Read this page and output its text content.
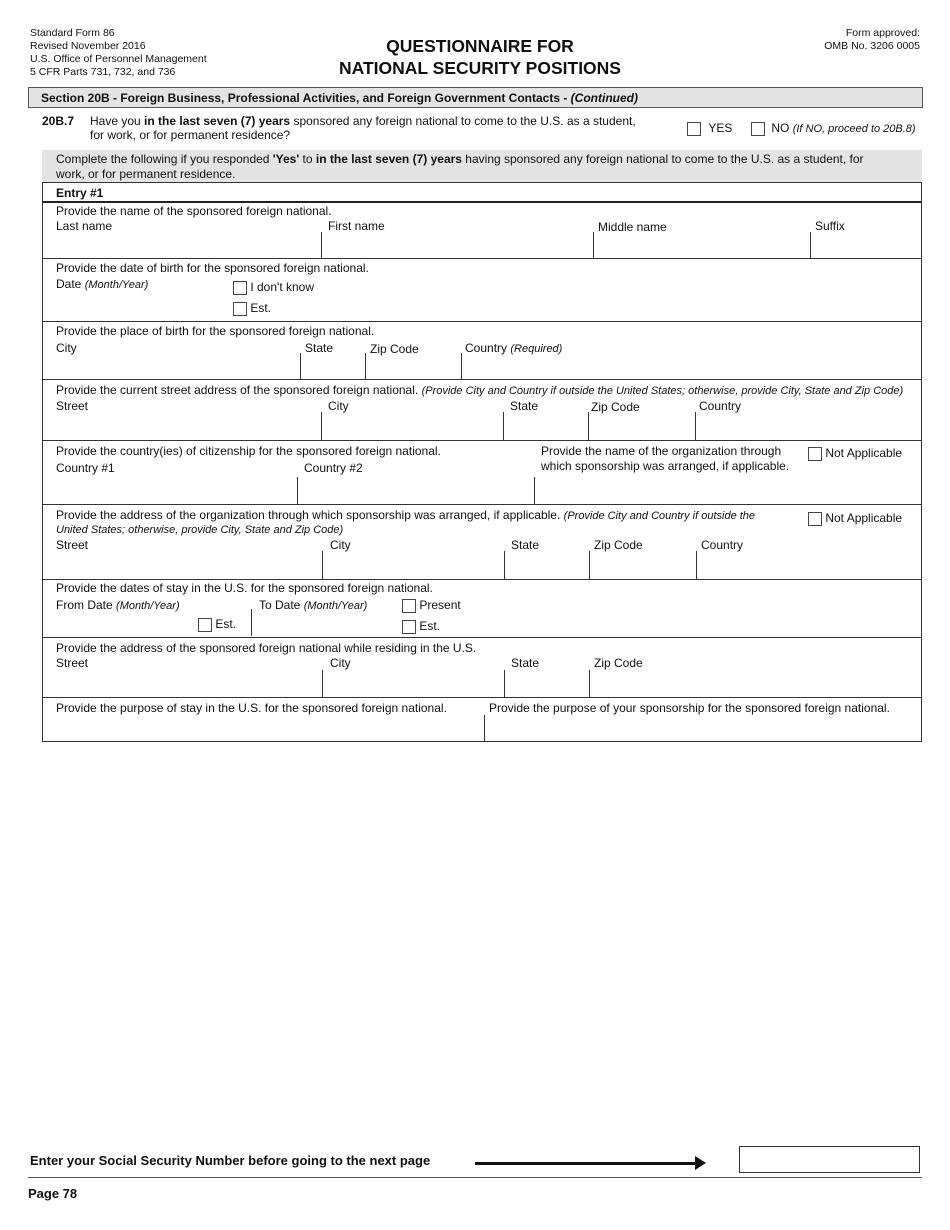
Standard Form 86
Revised November 2016
U.S. Office of Personnel Management
5 CFR Parts 731, 732, and 736
QUESTIONNAIRE FOR
NATIONAL SECURITY POSITIONS
Form approved:
OMB No. 3206 0005
Section 20B - Foreign Business, Professional Activities, and Foreign Government Contacts - (Continued)
20B.7 Have you in the last seven (7) years sponsored any foreign national to come to the U.S. as a student,
for work, or for permanent residence?	YES	NO (If NO, proceed to 20B.8)
Complete the following if you responded 'Yes' to in the last seven (7) years having sponsored any foreign national to come to the U.S. as a student, for
work, or for permanent residence.
Entry #1
Provide the name of the sponsored foreign national.
Last name	First name	Middle name	Suffix
Provide the date of birth for the sponsored foreign national.
Date (Month/Year)	I don't know
Est.
Provide the place of birth for the sponsored foreign national.
City	State	Zip Code	Country (Required)
Provide the current street address of the sponsored foreign national. (Provide City and Country if outside the United States; otherwise, provide City, State and Zip Code)
Street	City	State	Zip Code	Country
Provide the country(ies) of citizenship for the sponsored foreign national.
Country #1	Country #2
Provide the name of the organization through
which sponsorship was arranged, if applicable.
Not Applicable
Provide the address of the organization through which sponsorship was arranged, if applicable. (Provide City and Country if outside the
United States; otherwise, provide City, State and Zip Code)
Not Applicable
Street	City	State	Zip Code	Country
Provide the dates of stay in the U.S. for the sponsored foreign national.
From Date (Month/Year)	To Date (Month/Year)	Present
Est.	Est.
Provide the address of the sponsored foreign national while residing in the U.S.
Street	City	State	Zip Code
Provide the purpose of stay in the U.S. for the sponsored foreign national.	Provide the purpose of your sponsorship for the sponsored foreign national.
Enter your Social Security Number before going to the next page
Page 78
